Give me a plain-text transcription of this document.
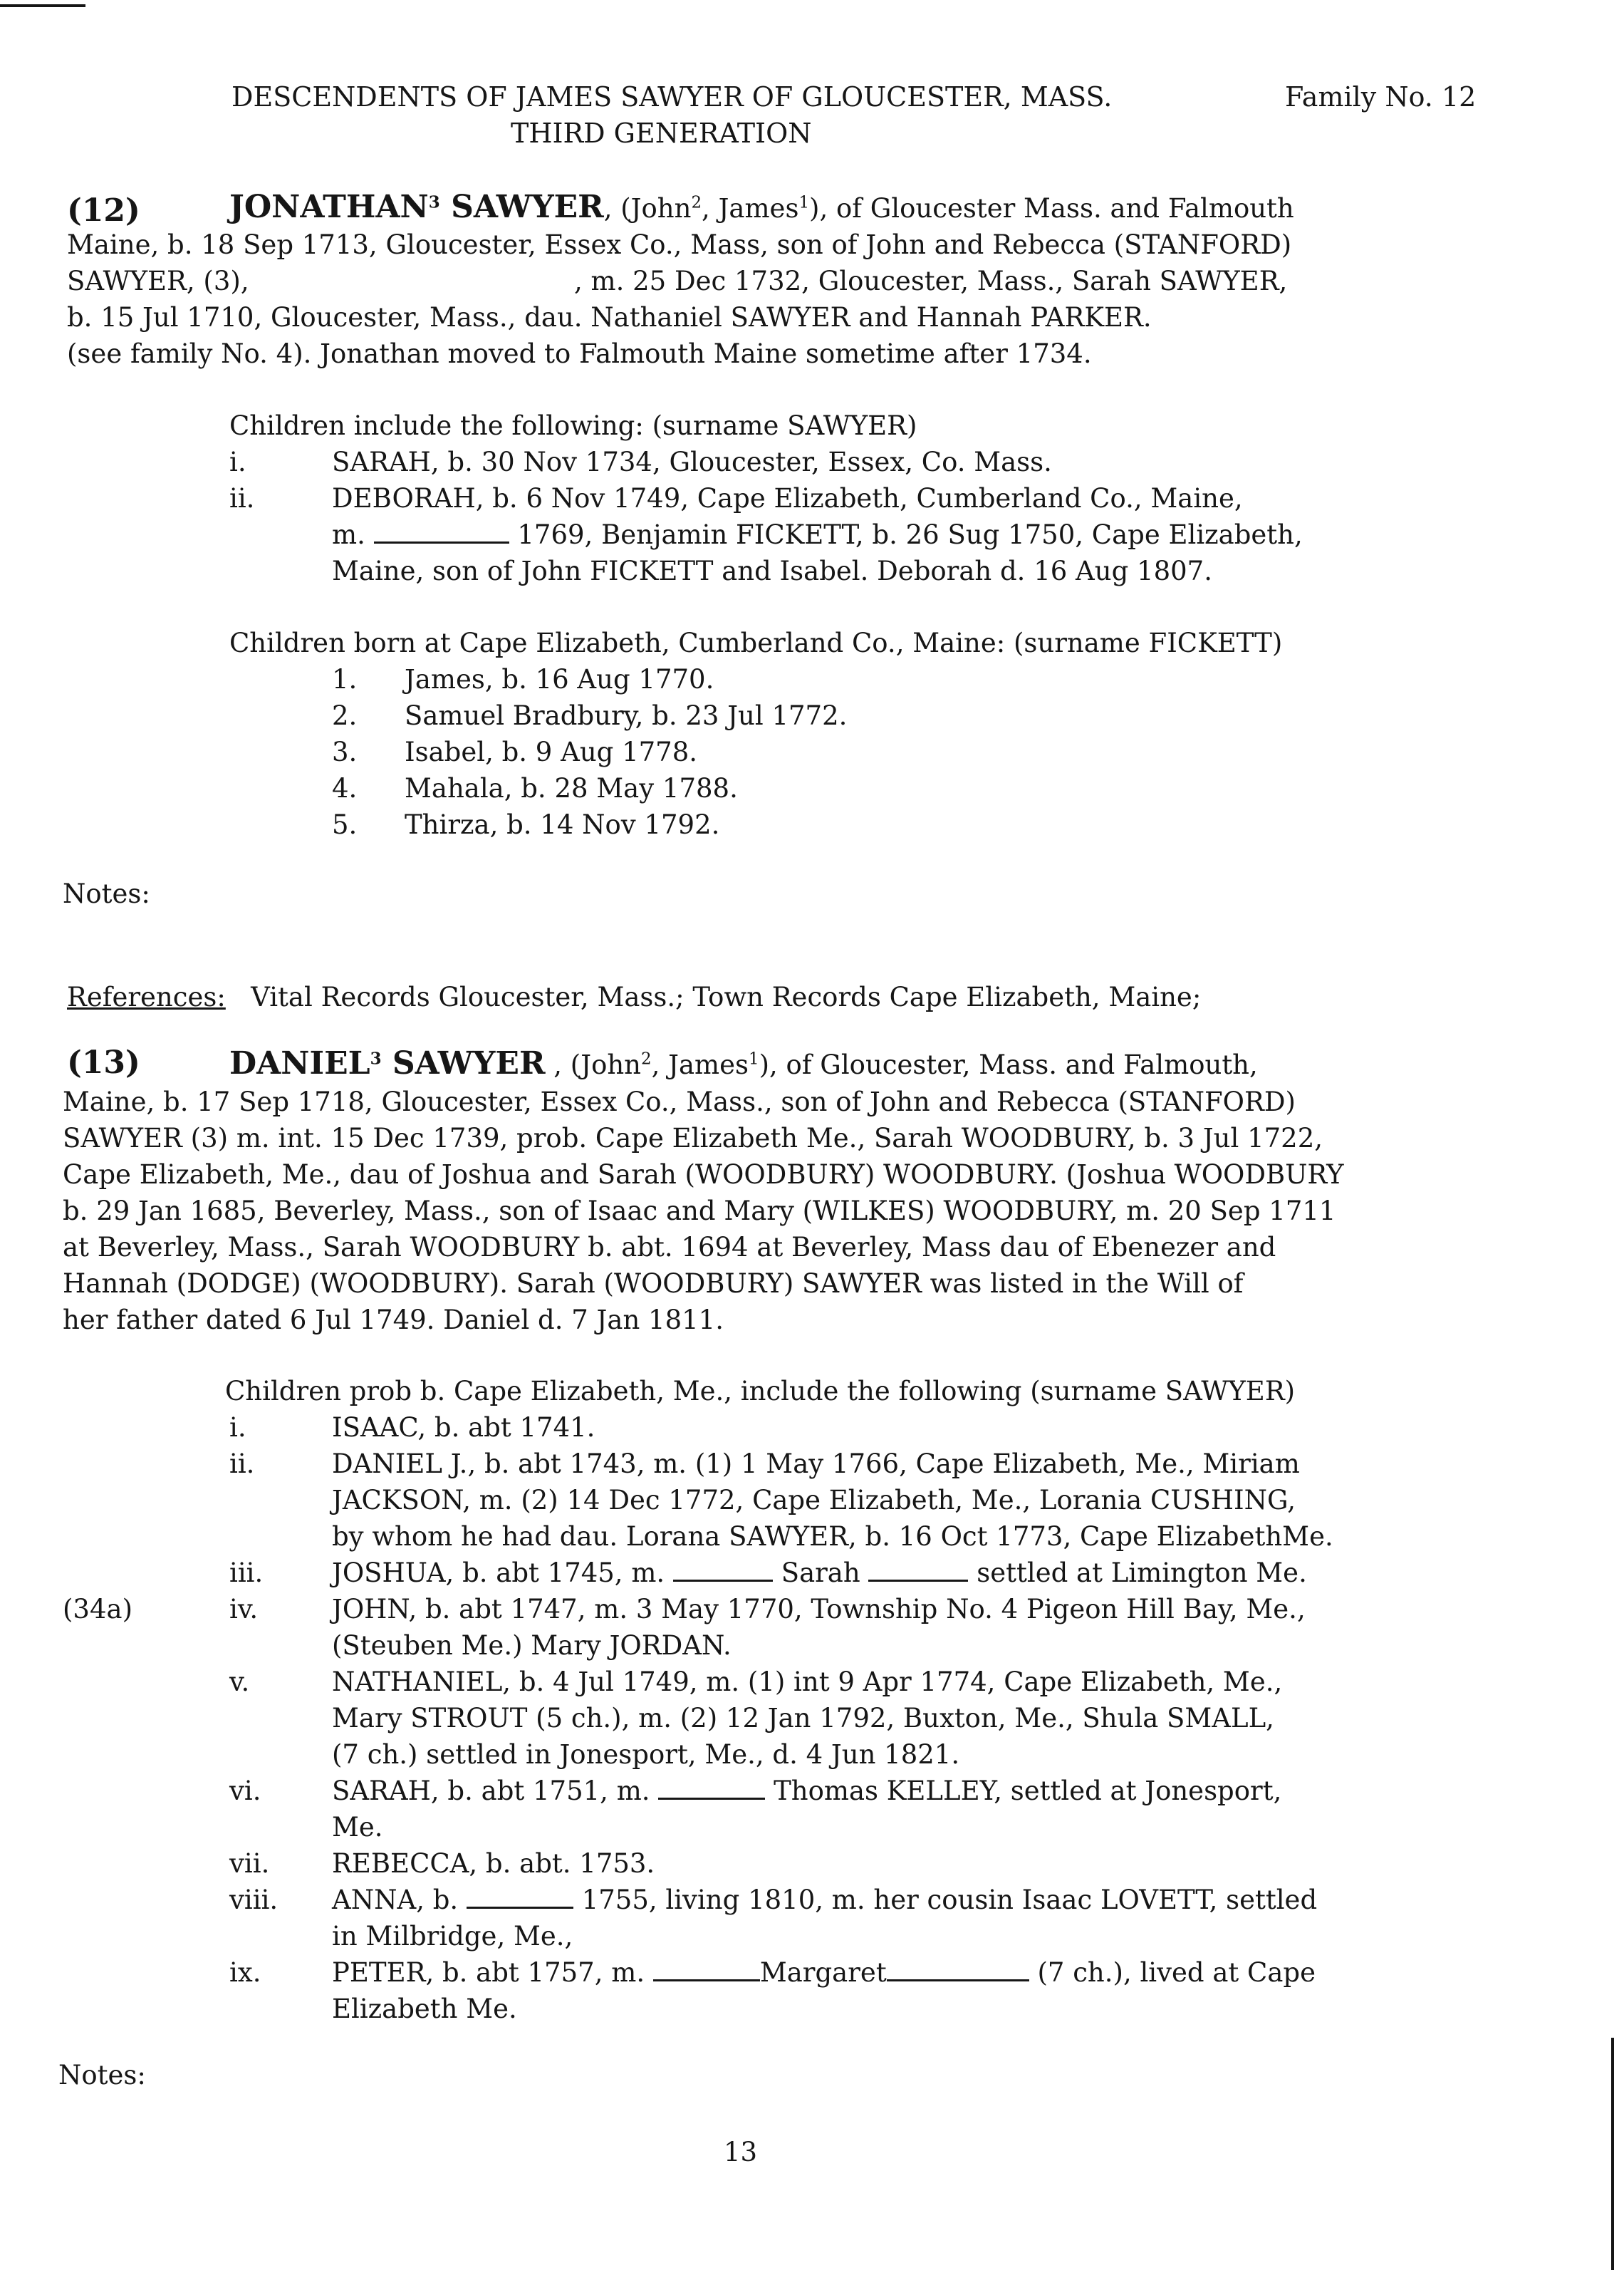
DESCENDENTS OF JAMES SAWYER OF GLOUCESTER, MASS.	Family No. 12
THIRD GENERATION
(12)	JONATHAN$^3$ SAWYER, (John$^2$, James$^1$), of Gloucester Mass. and Falmouth
Maine, b. 18 Sep 1713, Gloucester, Essex Co., Mass, son of John and Rebecca (STANFORD)
SAWYER, (3),	, m. 25 Dec 1732, Gloucester, Mass., Sarah SAWYER,
b. 15 Jul 1710, Gloucester, Mass., dau. Nathaniel SAWYER and Hannah PARKER.
(see family No. 4). Jonathan moved to Falmouth Maine sometime after 1734.
Children include the following: (surname SAWYER)
i.	SARAH, b. 30 Nov 1734, Gloucester, Essex, Co. Mass.
ii.	DEBORAH, b. 6 Nov 1749, Cape Elizabeth, Cumberland Co., Maine,
m.	1769, Benjamin FICKETT, b. 26 Sug 1750, Cape Elizabeth,
Maine, son of John FICKETT and Isabel. Deborah d. 16 Aug 1807.
Children born at Cape Elizabeth, Cumberland Co., Maine: (surname FICKETT)
1. James, b. 16 Aug 1770.
2. Samuel Bradbury, b. 23 Jul 1772.
3. Isabel, b. 9 Aug 1778.
4. Mahala, b. 28 May 1788.
5. Thirza, b. 14 Nov 1792.
Notes:
References: Vital Records Gloucester, Mass.; Town Records Cape Elizabeth, Maine;
(13)	DANIEL$^3$ SAWYER , (John$^2$, James$^1$), of Gloucester, Mass. and Falmouth,
Maine, b. 17 Sep 1718, Gloucester, Essex Co., Mass., son of John and Rebecca (STANFORD)
SAWYER (3) m. int. 15 Dec 1739, prob. Cape Elizabeth Me., Sarah WOODBURY, b. 3 Jul 1722,
Cape Elizabeth, Me., dau of Joshua and Sarah (WOODBURY) WOODBURY. (Joshua WOODBURY
b. 29 Jan 1685, Beverley, Mass., son of Isaac and Mary (WILKES) WOODBURY, m. 20 Sep 1711
at Beverley, Mass., Sarah WOODBURY b. abt. 1694 at Beverley, Mass dau of Ebenezer and
Hannah (DODGE) (WOODBURY). Sarah (WOODBURY) SAWYER was listed in the Will of
her father dated 6 Jul 1749. Daniel d. 7 Jan 1811.
Children prob b. Cape Elizabeth, Me., include the following (surname SAWYER)
i.	ISAAC, b. abt 1741.
ii.	DANIEL J., b. abt 1743, m. (1) 1 May 1766, Cape Elizabeth, Me., Miriam
JACKSON, m. (2) 14 Dec 1772, Cape Elizabeth, Me., Lorania CUSHING,
by whom he had dau. Lorana SAWYER, b. 16 Oct 1773, Cape ElizabethMe.
iii.	JOSHUA, b. abt 1745, m.	Sarah	settled at Limington Me.
(34a)	iv.	JOHN, b. abt 1747, m. 3 May 1770, Township No. 4 Pigeon Hill Bay, Me.,
(Steuben Me.) Mary JORDAN.
v.	NATHANIEL, b. 4 Jul 1749, m. (1) int 9 Apr 1774, Cape Elizabeth, Me.,
Mary STROUT (5 ch.), m. (2) 12 Jan 1792, Buxton, Me., Shula SMALL,
(7 ch.) settled in Jonesport, Me., d. 4 Jun 1821.
vi.	SARAH, b. abt 1751, m.	Thomas KELLEY, settled at Jonesport,
Me.
vii. REBECCA, b. abt. 1753.
viii. ANNA, b.	1755, living 1810, m. her cousin Isaac LOVETT, settled
in Milbridge, Me.,
ix.	PETER, b. abt 1757, m.	Margaret	(7 ch.), lived at Cape
Elizabeth Me.
Notes:
13
